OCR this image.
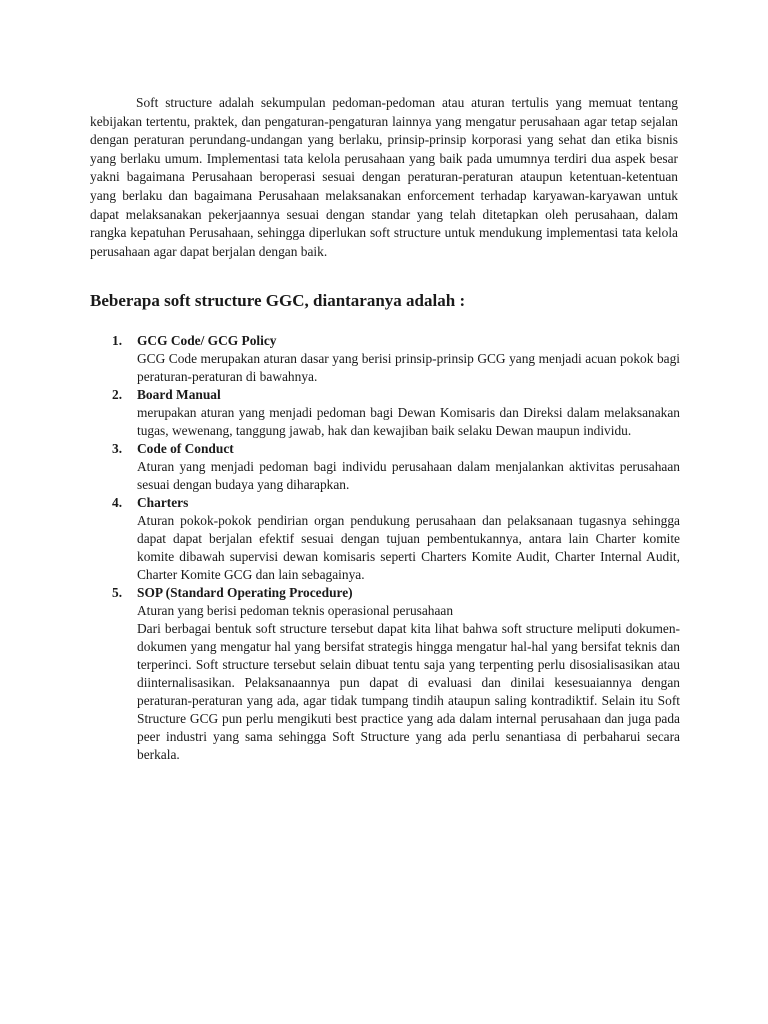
Soft structure adalah sekumpulan pedoman-pedoman atau aturan tertulis yang memuat tentang kebijakan tertentu, praktek, dan pengaturan-pengaturan lainnya yang mengatur perusahaan agar tetap sejalan dengan peraturan perundang-undangan yang berlaku, prinsip-prinsip korporasi yang sehat dan etika bisnis yang berlaku umum. Implementasi tata kelola perusahaan yang baik pada umumnya terdiri dua aspek besar yakni bagaimana Perusahaan beroperasi sesuai dengan peraturan-peraturan ataupun ketentuan-ketentuan yang berlaku dan bagaimana Perusahaan melaksanakan enforcement terhadap karyawan-karyawan untuk dapat melaksanakan pekerjaannya sesuai dengan standar yang telah ditetapkan oleh perusahaan, dalam rangka kepatuhan Perusahaan, sehingga diperlukan soft structure untuk mendukung implementasi tata kelola perusahaan agar dapat berjalan dengan baik.

Beberapa soft structure GGC, diantaranya adalah :
1. GCG Code/ GCG Policy
GCG Code merupakan aturan dasar yang berisi prinsip-prinsip GCG yang menjadi acuan pokok bagi peraturan-peraturan di bawahnya.
2. Board Manual
merupakan aturan yang menjadi pedoman bagi Dewan Komisaris dan Direksi dalam melaksanakan tugas, wewenang, tanggung jawab, hak dan kewajiban baik selaku Dewan maupun individu.
3. Code of Conduct
Aturan yang menjadi pedoman bagi individu perusahaan dalam menjalankan aktivitas perusahaan sesuai dengan budaya yang diharapkan.
4. Charters
Aturan pokok-pokok pendirian organ pendukung perusahaan dan pelaksanaan tugasnya sehingga dapat dapat berjalan efektif sesuai dengan tujuan pembentukannya, antara lain Charter komite komite dibawah supervisi dewan komisaris seperti Charters Komite Audit, Charter Internal Audit, Charter Komite GCG dan lain sebagainya.
5. SOP (Standard Operating Procedure)
Aturan yang berisi pedoman teknis operasional perusahaan
Dari berbagai bentuk soft structure tersebut dapat kita lihat bahwa soft structure meliputi dokumen-dokumen yang mengatur hal yang bersifat strategis hingga mengatur hal-hal yang bersifat teknis dan terperinci. Soft structure tersebut selain dibuat tentu saja yang terpenting perlu disosialisasikan atau diinternalisasikan. Pelaksanaannya pun dapat di evaluasi dan dinilai kesesuaiannya dengan peraturan-peraturan yang ada, agar tidak tumpang tindih ataupun saling kontradiktif. Selain itu Soft Structure GCG pun perlu mengikuti best practice yang ada dalam internal perusahaan dan juga pada peer industri yang sama sehingga Soft Structure yang ada perlu senantiasa di perbaharui secara berkala.
